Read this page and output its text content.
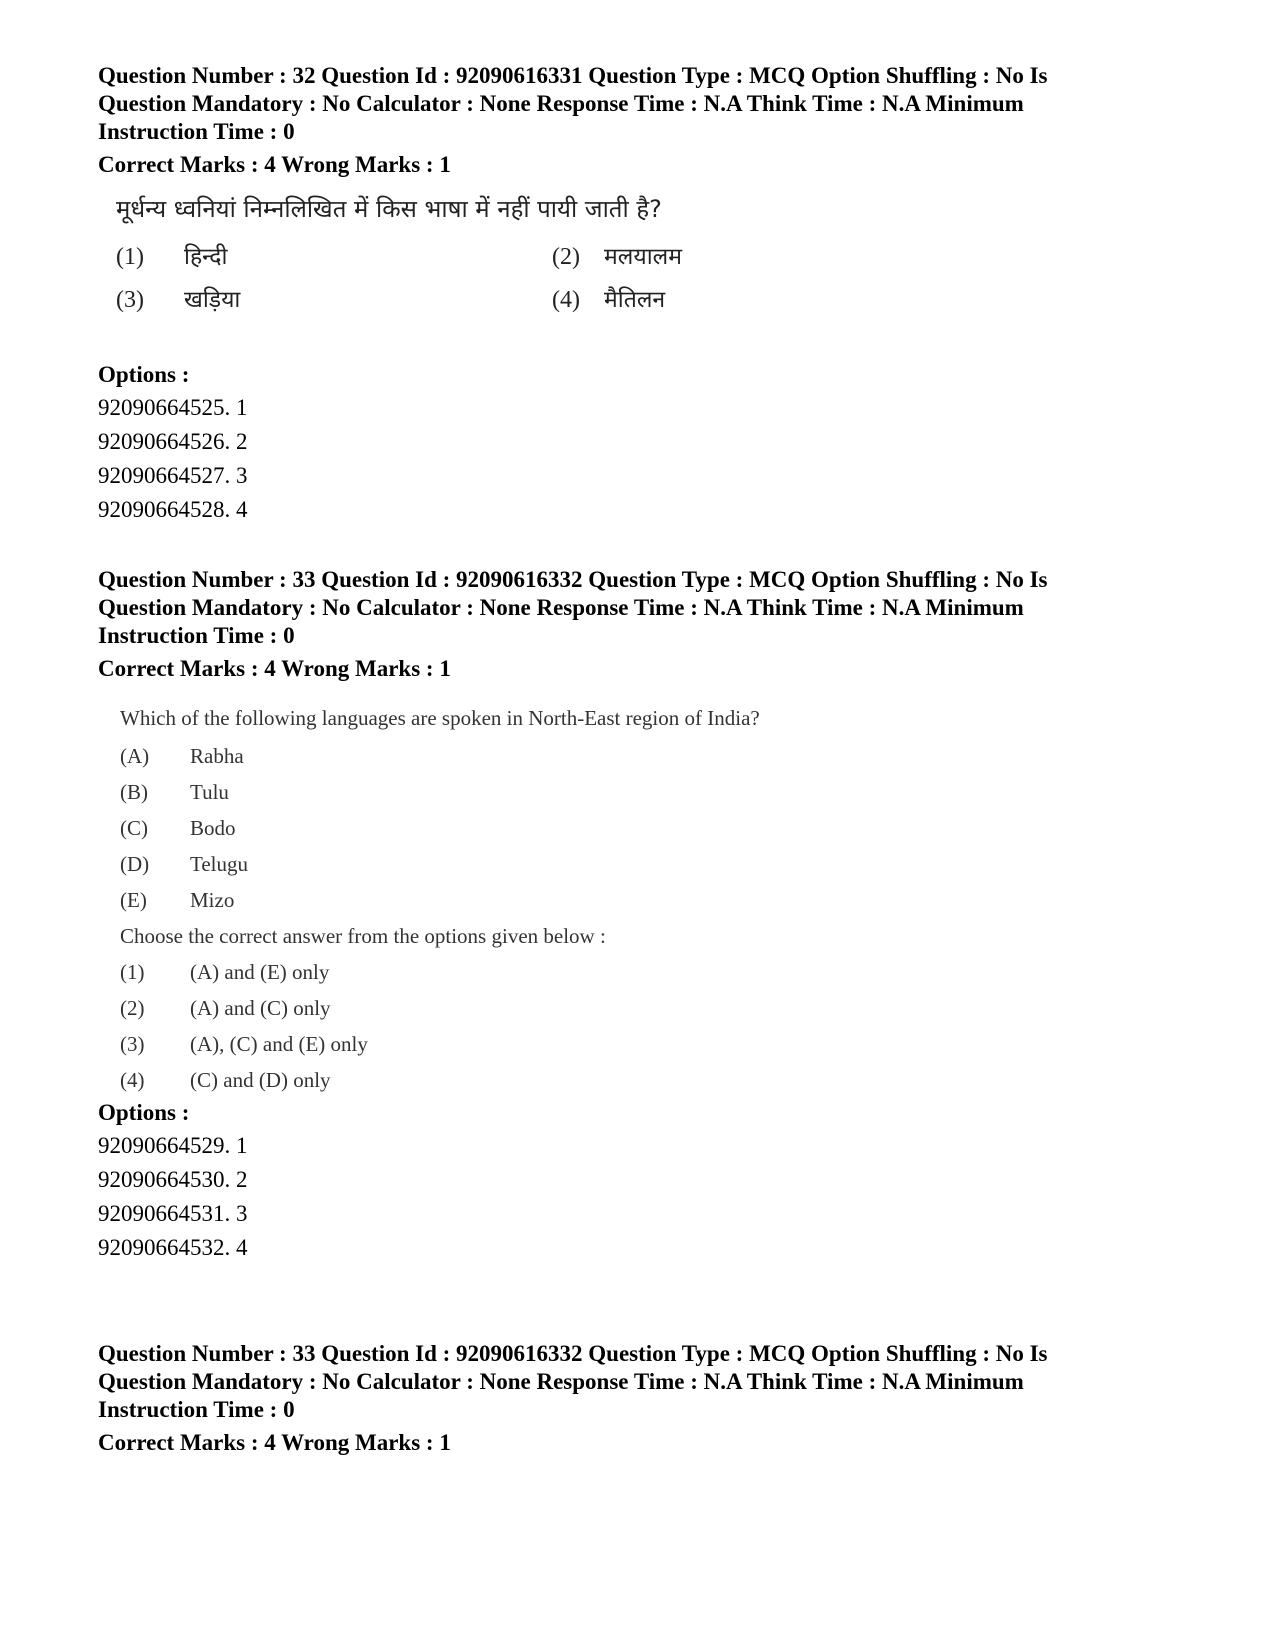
Question Number : 32 Question Id : 92090616331 Question Type : MCQ Option Shuffling : No Is
Question Mandatory : No Calculator : None Response Time : N.A Think Time : N.A Minimum
Instruction Time : 0
Correct Marks : 4 Wrong Marks : 1
मूर्धन्य ध्वनियां निम्नलिखित में किस भाषा में नहीं पायी जाती है?
(1) हिन्दी	(2) मलयालम
(3) खड़िया	(4) मैतिलन
Options :
92090664525. 1
92090664526. 2
92090664527. 3
92090664528. 4
Question Number : 33 Question Id : 92090616332 Question Type : MCQ Option Shuffling : No Is
Question Mandatory : No Calculator : None Response Time : N.A Think Time : N.A Minimum
Instruction Time : 0
Correct Marks : 4 Wrong Marks : 1
Which of the following languages are spoken in North-East region of India?
(A) Rabha
(B) Tulu
(C) Bodo
(D) Telugu
(E) Mizo
Choose the correct answer from the options given below :
(1) (A) and (E) only
(2) (A) and (C) only
(3) (A), (C) and (E) only
(4) (C) and (D) only
Options :
92090664529. 1
92090664530. 2
92090664531. 3
92090664532. 4
Question Number : 33 Question Id : 92090616332 Question Type : MCQ Option Shuffling : No Is
Question Mandatory : No Calculator : None Response Time : N.A Think Time : N.A Minimum
Instruction Time : 0
Correct Marks : 4 Wrong Marks : 1
